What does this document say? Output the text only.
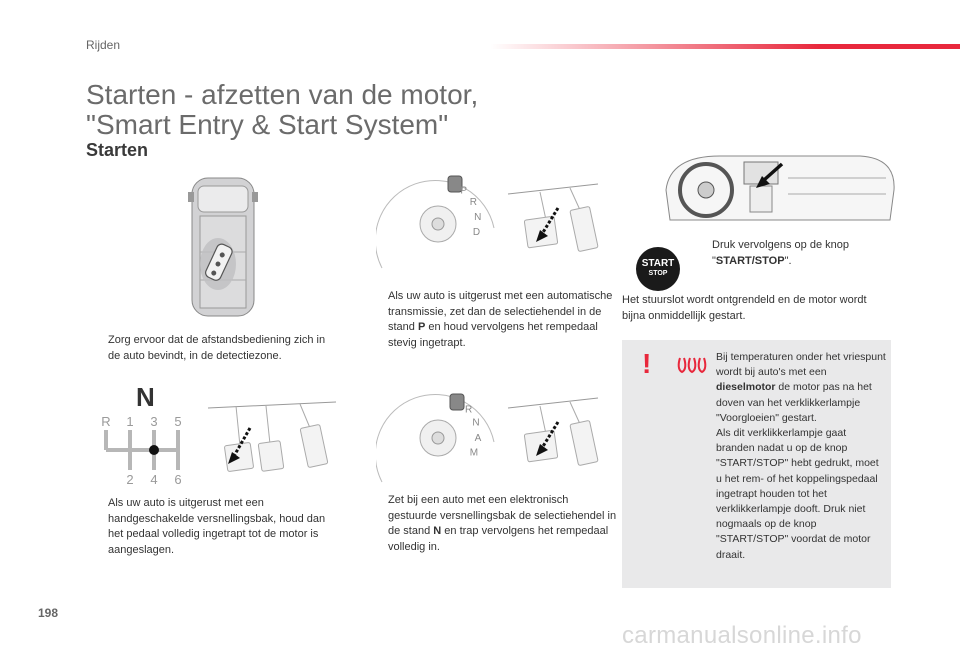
Rijden
Starten - afzetten van de motor,
"Smart Entry & Start System"
Starten
Zorg ervoor dat de afstandsbediening zich in de auto bevindt, in de detectiezone.
N
R 1 3 5
2 4 6
Als uw auto is uitgerust met een handgeschakelde versnellingsbak, houd dan het pedaal volledig ingetrapt tot de motor is aangeslagen.
P
R
N
D
Als uw auto is uitgerust met een automatische transmissie, zet dan de selectiehendel in de stand P en houd vervolgens het rempedaal stevig ingetrapt.
R
N
A
M
Zet bij een auto met een elektronisch gestuurde versnellingsbak de selectiehendel in de stand N en trap vervolgens het rempedaal volledig in.
START
STOP
Druk vervolgens op de knop "START/STOP".
Het stuurslot wordt ontgrendeld en de motor wordt bijna onmiddellijk gestart.
!	Bij temperaturen onder het vriespunt wordt bij auto's met een dieselmotor de motor pas na het doven van het verklikkerlampje "Voorgloeien" gestart.
Als dit verklikkerlampje gaat branden nadat u op de knop "START/STOP" hebt gedrukt, moet u het rem- of het koppelingspedaal ingetrapt houden tot het verklikkerlampje dooft. Druk niet nogmaals op de knop "START/STOP" voordat de motor draait.
198
carmanualsonline.info
